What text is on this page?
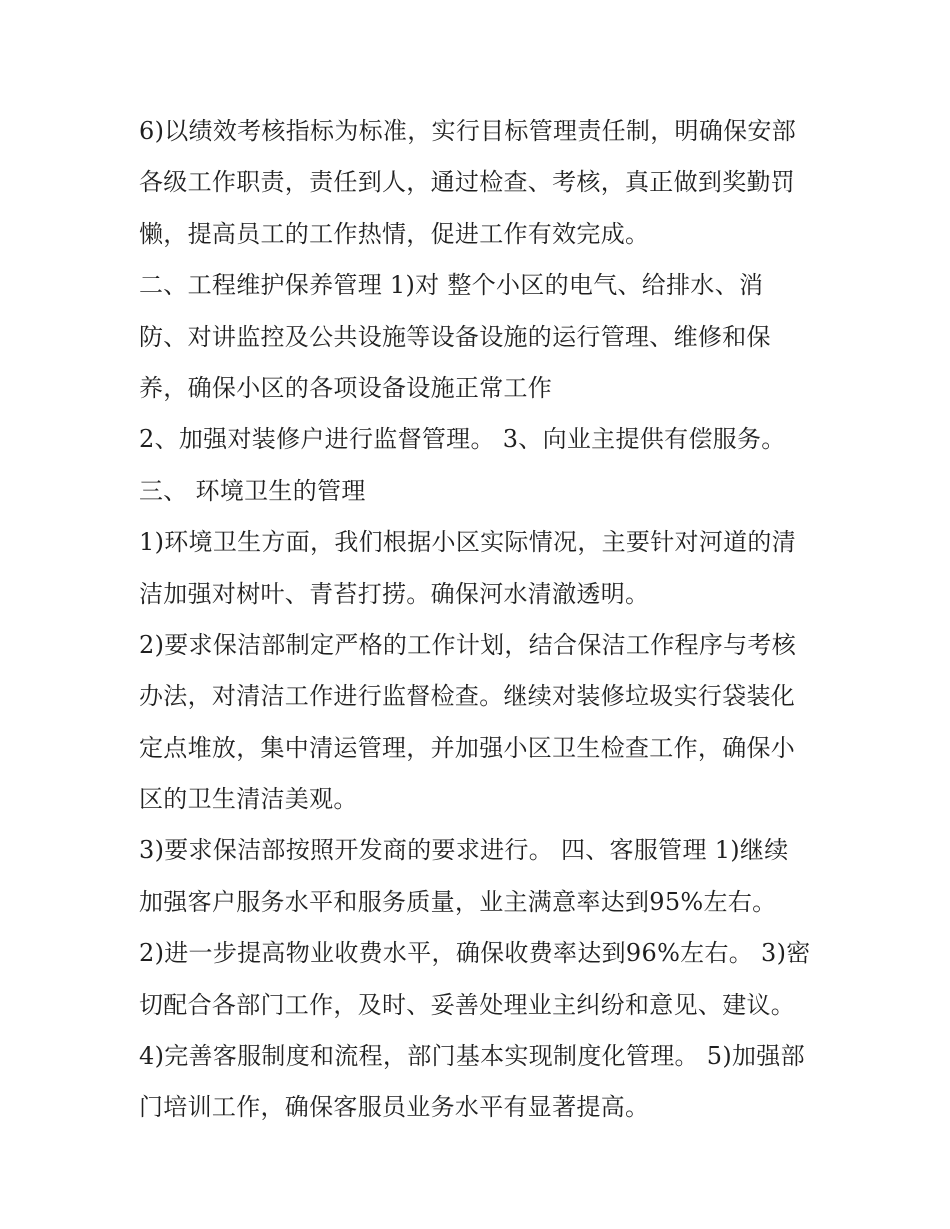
6)以绩效考核指标为标准，实行目标管理责任制，明确保安部
各级工作职责，责任到人，通过检查、考核，真正做到奖勤罚
懒，提高员工的工作热情，促进工作有效完成。
二、工程维护保养管理 1)对 整个小区的电气、给排水、消
防、对讲监控及公共设施等设备设施的运行管理、维修和保
养，确保小区的各项设备设施正常工作
2、加强对装修户进行监督管理。 3、向业主提供有偿服务。
三、 环境卫生的管理
1)环境卫生方面，我们根据小区实际情况，主要针对河道的清
洁加强对树叶、青苔打捞。确保河水清澈透明。
2)要求保洁部制定严格的工作计划，结合保洁工作程序与考核
办法，对清洁工作进行监督检查。继续对装修垃圾实行袋装化
定点堆放，集中清运管理，并加强小区卫生检查工作，确保小
区的卫生清洁美观。
3)要求保洁部按照开发商的要求进行。 四、客服管理 1)继续
加强客户服务水平和服务质量，业主满意率达到95%左右。
2)进一步提高物业收费水平，确保收费率达到96%左右。 3)密
切配合各部门工作，及时、妥善处理业主纠纷和意见、建议。
4)完善客服制度和流程，部门基本实现制度化管理。 5)加强部
门培训工作，确保客服员业务水平有显著提高。
